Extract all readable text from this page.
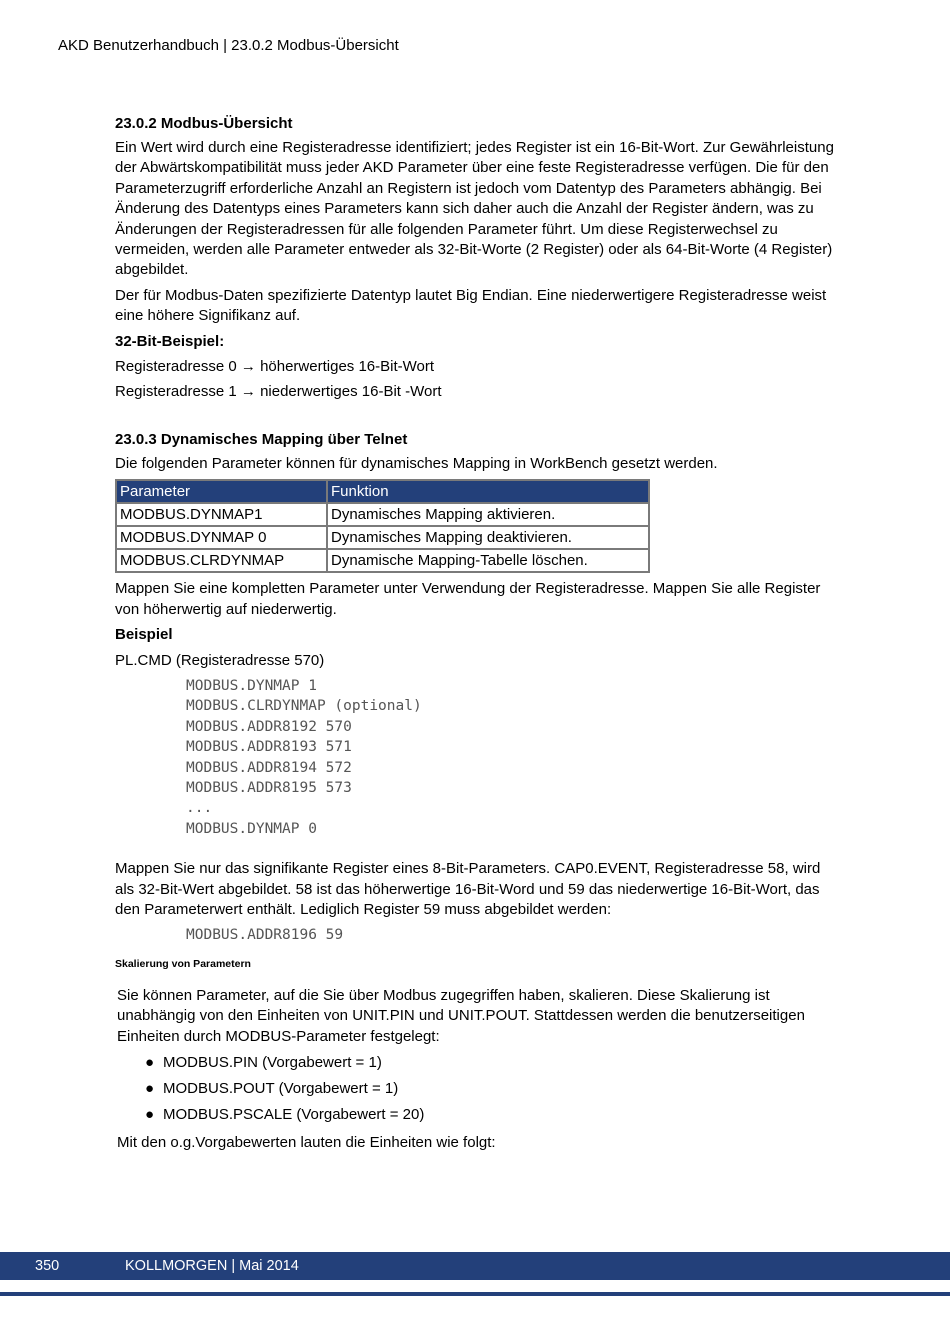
AKD Benutzerhandbuch | 23.0.2 Modbus-Übersicht
23.0.2 Modbus-Übersicht

Ein Wert wird durch eine Registeradresse identifiziert; jedes Register ist ein 16-Bit-Wort. Zur Gewährleistung der Abwärtskompatibilität muss jeder AKD Parameter über eine feste Registeradresse verfügen. Die für den Parameterzugriff erforderliche Anzahl an Registern ist jedoch vom Datentyp des Parameters abhängig. Bei Änderung des Datentyps eines Parameters kann sich daher auch die Anzahl der Register ändern, was zu Änderungen der Registeradressen für alle folgenden Parameter führt. Um diese Registerwechsel zu vermeiden, werden alle Parameter entweder als 32-Bit-Worte (2 Register) oder als 64-Bit-Worte (4 Register) abgebildet.

Der für Modbus-Daten spezifizierte Datentyp lautet Big Endian. Eine niederwertigere Registeradresse weist eine höhere Signifikanz auf.

32-Bit-Beispiel:

Registeradresse 0 → höherwertiges 16-Bit-Wort

Registeradresse 1 → niederwertiges 16-Bit -Wort

23.0.3 Dynamisches Mapping über Telnet

Die folgenden Parameter können für dynamisches Mapping in WorkBench gesetzt werden.

Parameter	Funktion
MODBUS.DYNMAP1	Dynamisches Mapping aktivieren.
MODBUS.DYNMAP 0	Dynamisches Mapping deaktivieren.
MODBUS.CLRDYNMAP	Dynamische Mapping-Tabelle löschen.

Mappen Sie eine kompletten Parameter unter Verwendung der Registeradresse. Mappen Sie alle Register von höherwertig auf niederwertig.

Beispiel

PL.CMD (Registeradresse 570)

MODBUS.DYNMAP 1
MODBUS.CLRDYNMAP (optional)
MODBUS.ADDR8192 570
MODBUS.ADDR8193 571
MODBUS.ADDR8194 572
MODBUS.ADDR8195 573
...
MODBUS.DYNMAP 0

Mappen Sie nur das signifikante Register eines 8-Bit-Parameters. CAP0.EVENT, Registeradresse 58, wird als 32-Bit-Wert abgebildet. 58 ist das höherwertige 16-Bit-Word und 59 das niederwertige 16-Bit-Wort, das den Parameterwert enthält. Lediglich Register 59 muss abgebildet werden:

MODBUS.ADDR8196 59
Skalierung von Parametern

Sie können Parameter, auf die Sie über Modbus zugegriffen haben, skalieren. Diese Skalierung ist unabhängig von den Einheiten von UNIT.PIN und UNIT.POUT. Stattdessen werden die benutzerseitigen Einheiten durch MODBUS-Parameter festgelegt:

● MODBUS.PIN (Vorgabewert = 1)
● MODBUS.POUT (Vorgabewert = 1)
● MODBUS.PSCALE (Vorgabewert = 20)

Mit den o.g.Vorgabewerten lauten die Einheiten wie folgt:

350	KOLLMORGEN | Mai 2014
